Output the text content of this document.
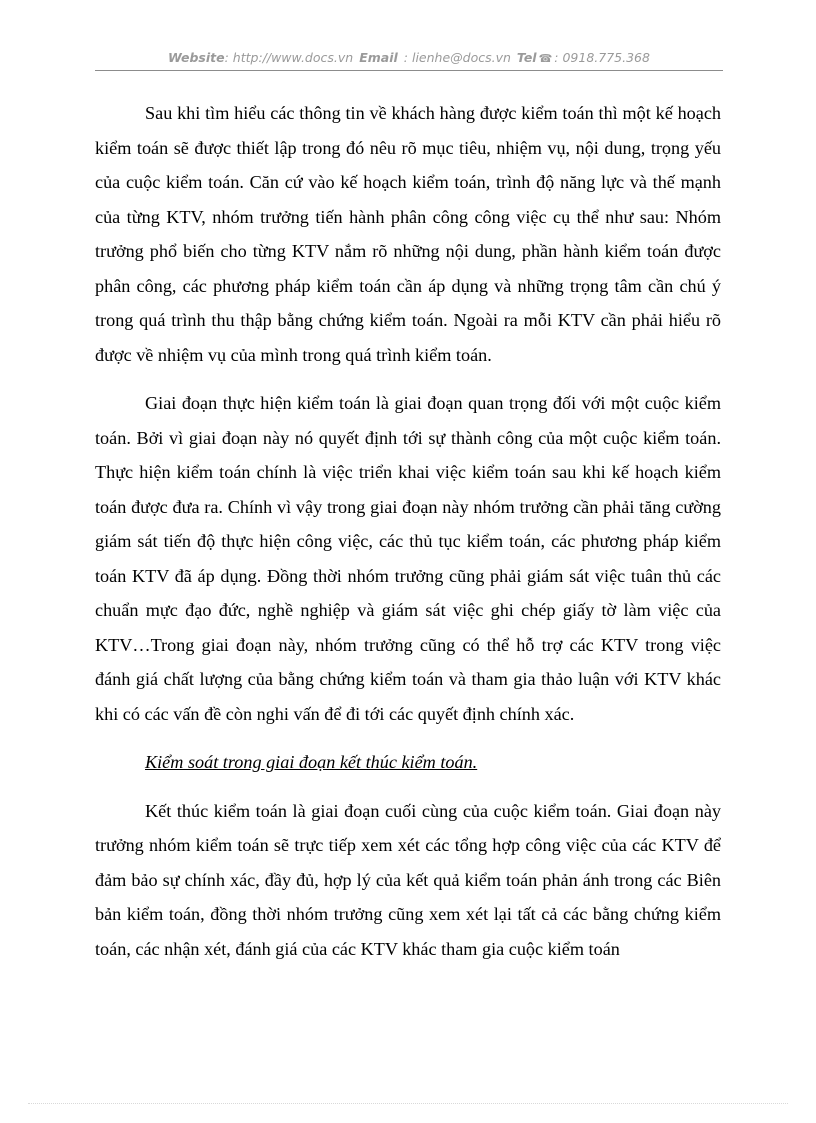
Website: http://www.docs.vn Email : lienhe@docs.vn Tel ☎ : 0918.775.368

Sau khi tìm hiểu các thông tin về khách hàng được kiểm toán thì một kế hoạch kiểm toán sẽ được thiết lập trong đó nêu rõ mục tiêu, nhiệm vụ, nội dung, trọng yếu của cuộc kiểm toán. Căn cứ vào kế hoạch kiểm toán, trình độ năng lực và thế mạnh của từng KTV, nhóm trưởng tiến hành phân công công việc cụ thể như sau: Nhóm trưởng phổ biến cho từng KTV nắm rõ những nội dung, phần hành kiểm toán được phân công, các phương pháp kiểm toán cần áp dụng và những trọng tâm cần chú ý trong quá trình thu thập bằng chứng kiểm toán. Ngoài ra mỗi KTV cần phải hiểu rõ được về nhiệm vụ của mình trong quá trình kiểm toán.

Giai đoạn thực hiện kiểm toán là giai đoạn quan trọng đối với một cuộc kiểm toán. Bởi vì giai đoạn này nó quyết định tới sự thành công của một cuộc kiểm toán. Thực hiện kiểm toán chính là việc triển khai việc kiểm toán sau khi kế hoạch kiểm toán được đưa ra. Chính vì vậy trong giai đoạn này nhóm trưởng cần phải tăng cường giám sát tiến độ thực hiện công việc, các thủ tục kiểm toán, các phương pháp kiểm toán KTV đã áp dụng. Đồng thời nhóm trưởng cũng phải giám sát việc tuân thủ các chuẩn mực đạo đức, nghề nghiệp và giám sát việc ghi chép giấy tờ làm việc của KTV…Trong giai đoạn này, nhóm trưởng cũng có thể hỗ trợ các KTV trong việc đánh giá chất lượng của bằng chứng kiểm toán và tham gia thảo luận với KTV khác khi có các vấn đề còn nghi vấn để đi tới các quyết định chính xác.

Kiểm soát trong giai đoạn kết thúc kiểm toán.

Kết thúc kiểm toán là giai đoạn cuối cùng của cuộc kiểm toán. Giai đoạn này trưởng nhóm kiểm toán sẽ trực tiếp xem xét các tổng hợp công việc của các KTV để đảm bảo sự chính xác, đầy đủ, hợp lý của kết quả kiểm toán phản ánh trong các Biên bản kiểm toán, đồng thời nhóm trưởng cũng xem xét lại tất cả các bằng chứng kiểm toán, các nhận xét, đánh giá của các KTV khác tham gia cuộc kiểm toán
